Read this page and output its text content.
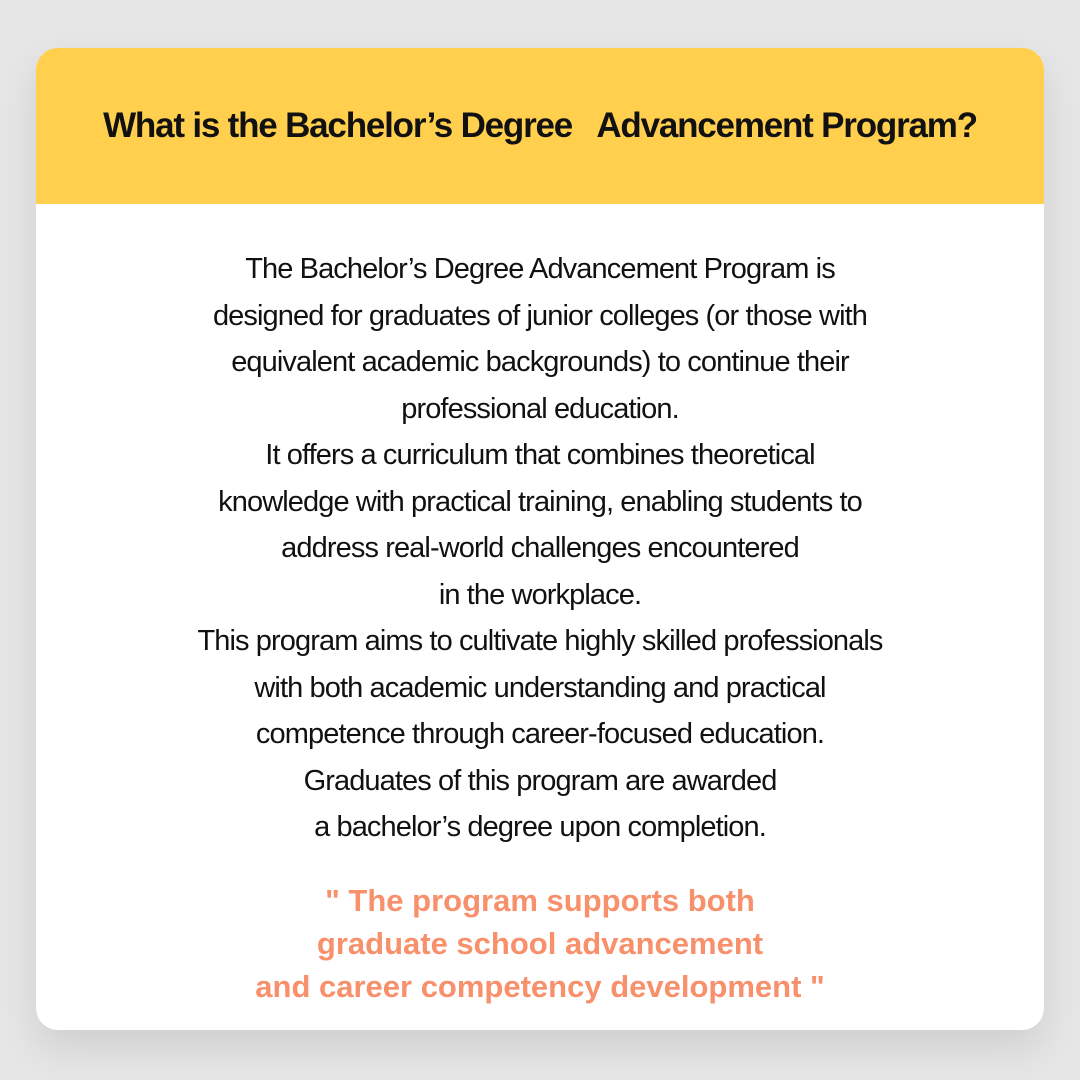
What is the Bachelor’s Degree   Advancement Program?
The Bachelor’s Degree Advancement Program is
designed for graduates of junior colleges (or those with
equivalent academic backgrounds) to continue their
professional education.
It offers a curriculum that combines theoretical
knowledge with practical training, enabling students to
address real-world challenges encountered
in the workplace.
This program aims to cultivate highly skilled professionals
with both academic understanding and practical
competence through career-focused education.
Graduates of this program are awarded
a bachelor’s degree upon completion.
" The program supports both
graduate school advancement
and career competency development "
